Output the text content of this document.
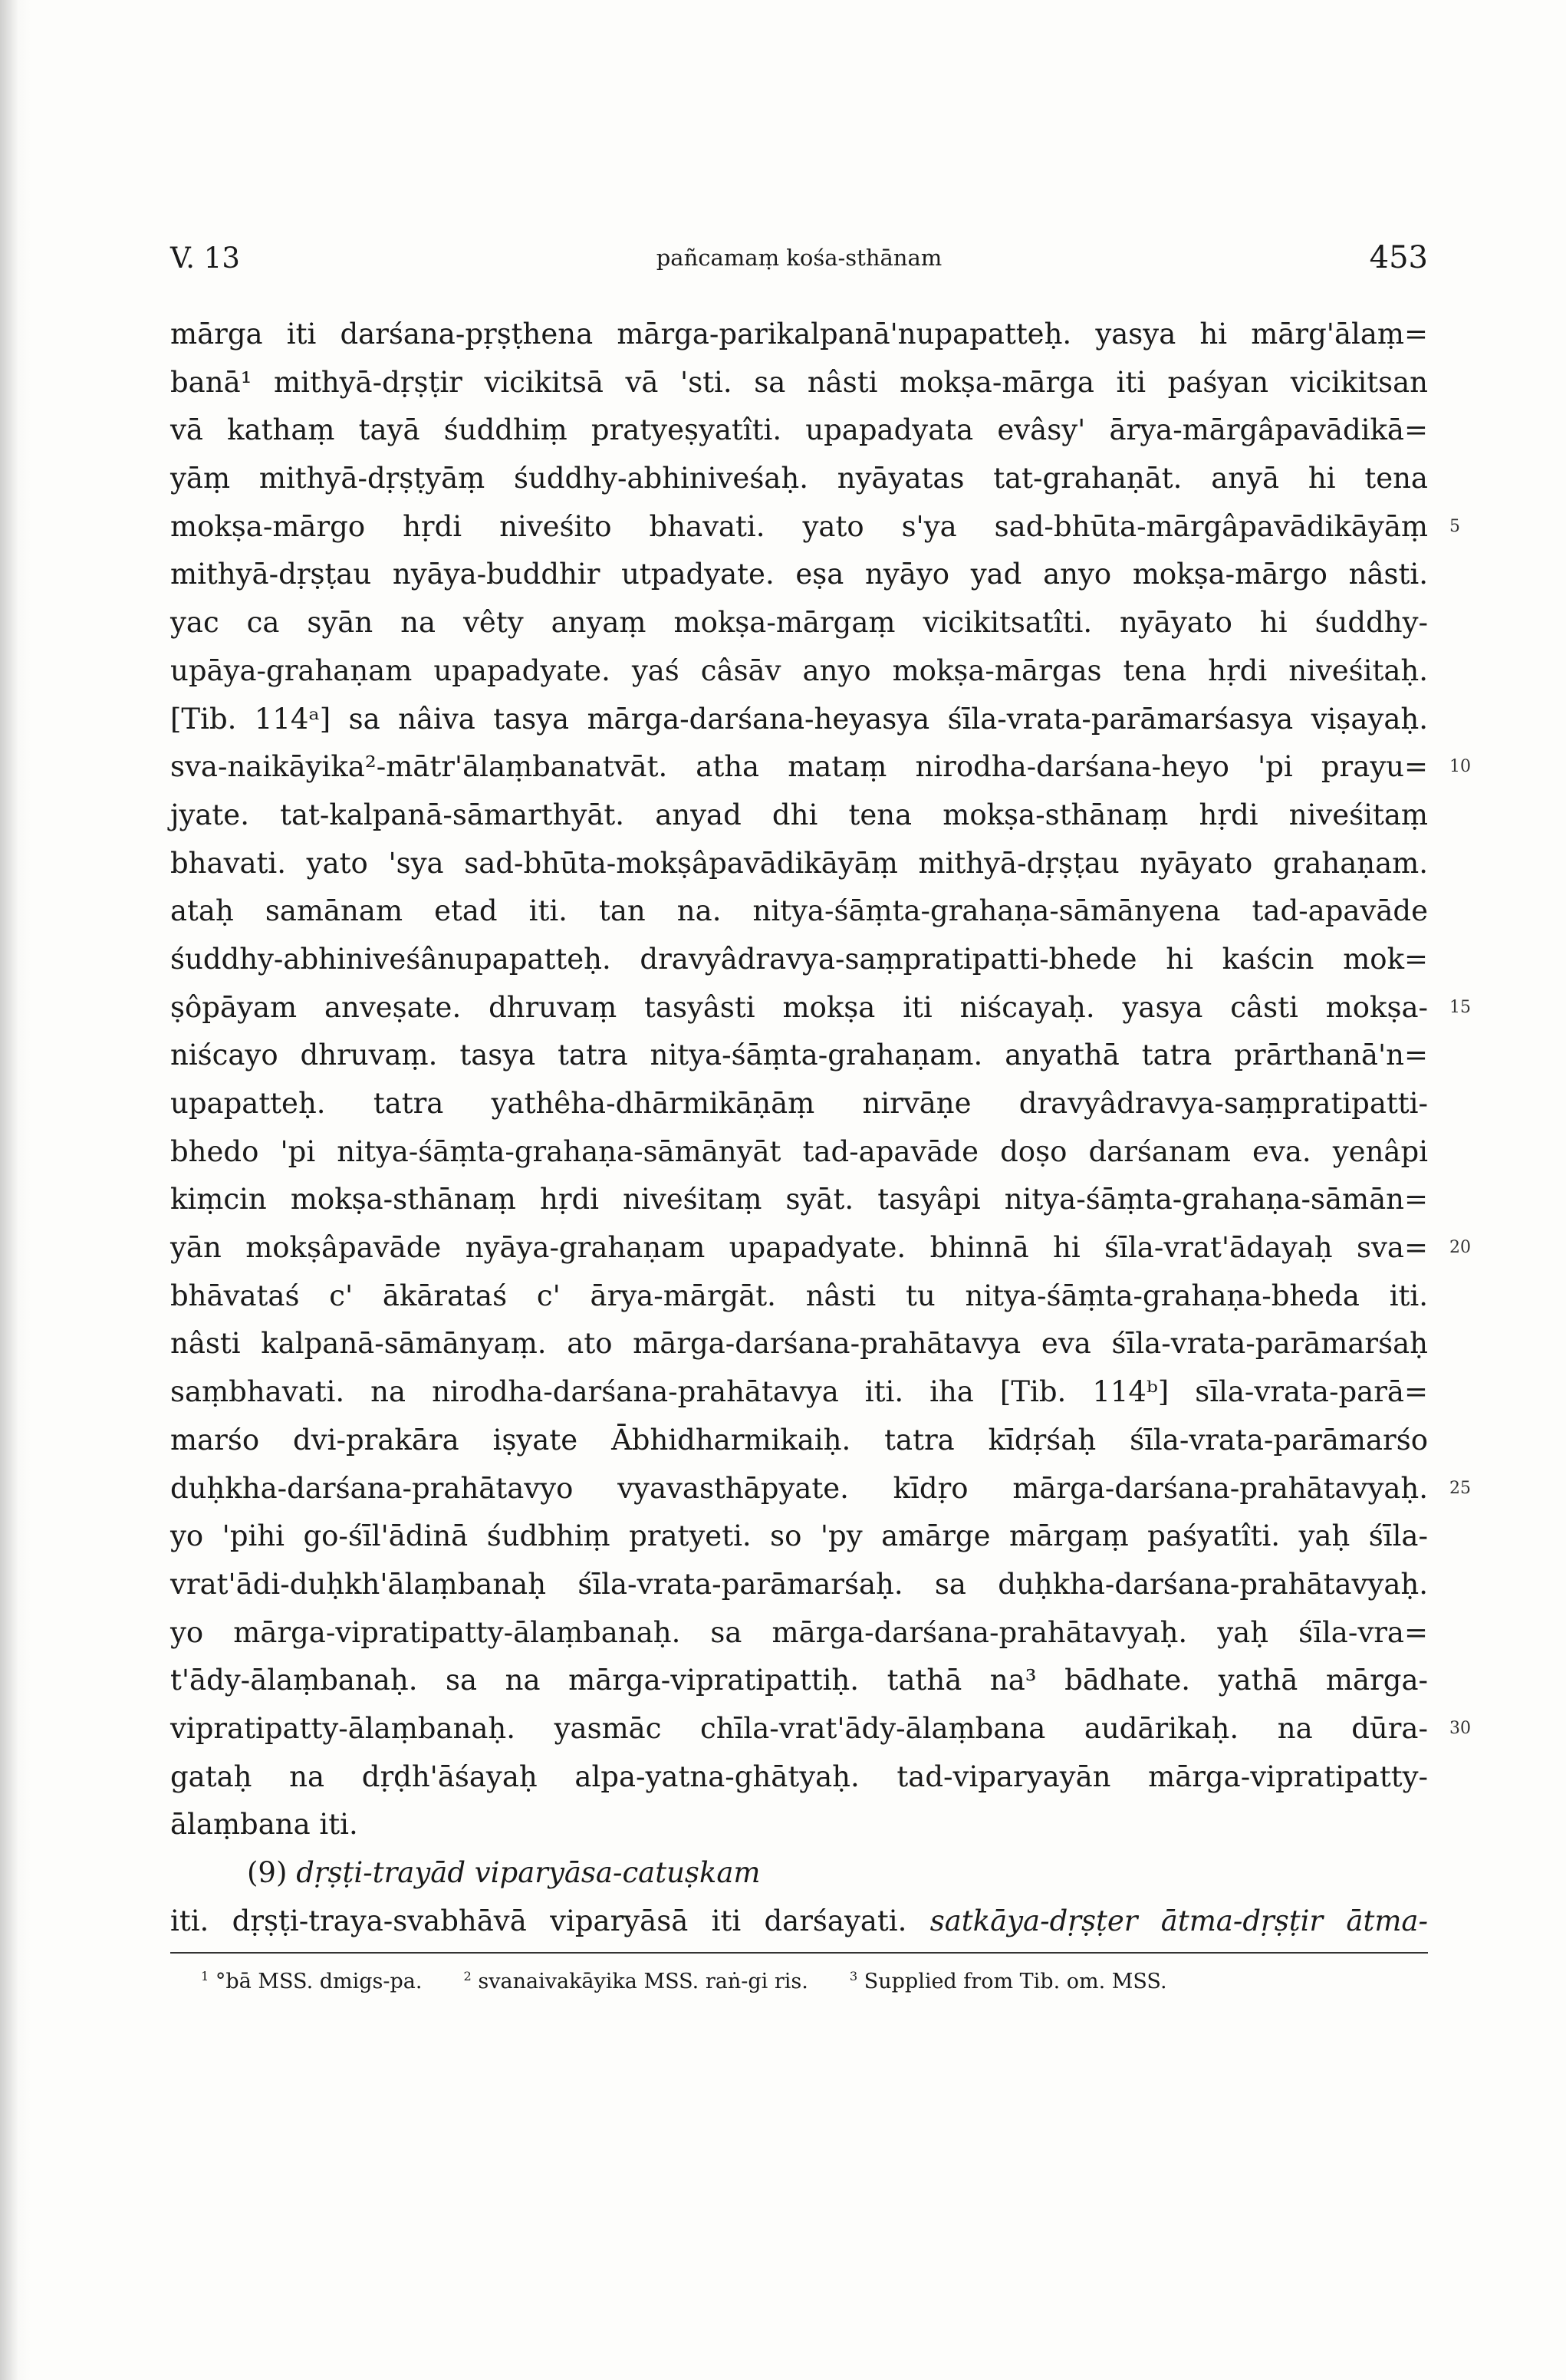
V. 13	pañcamaṃ kośa-sthānam	453
mārga iti darśana-pṛṣṭhena mārga-parikalpanā'nupapatteḥ. yasya hi mārg'ālaṃ=
banā¹ mithyā-dṛṣṭir vicikitsā vā 'sti. sa nâsti mokṣa-mārga iti paśyan vicikitsan
vā kathaṃ tayā śuddhiṃ pratyeṣyatîti. upapadyata evâsy' ārya-mārgâpavādikā=
yāṃ mithyā-dṛṣṭyāṃ śuddhy-abhiniveśaḥ. nyāyatas tat-grahaṇāt. anyā hi tena
mokṣa-mārgo hṛdi niveśito bhavati. yato s'ya sad-bhūta-mārgâpavādikāyāṃ 5
mithyā-dṛṣṭau nyāya-buddhir utpadyate. eṣa nyāyo yad anyo mokṣa-mārgo nâsti.
yac ca syān na vêty anyaṃ mokṣa-mārgaṃ vicikitsatîti. nyāyato hi śuddhy-
upāya-grahaṇam upapadyate. yaś câsāv anyo mokṣa-mārgas tena hṛdi niveśitaḥ.
[Tib. 114ᵃ] sa nâiva tasya mārga-darśana-heyasya śīla-vrata-parāmarśasya viṣayaḥ.
sva-naikāyika²-mātr'ālaṃbanatvāt. atha mataṃ nirodha-darśana-heyo 'pi prayu= 10
jyate. tat-kalpanā-sāmarthyāt. anyad dhi tena mokṣa-sthānaṃ hṛdi niveśitaṃ
bhavati. yato 'sya sad-bhūta-mokṣâpavādikāyāṃ mithyā-dṛṣṭau nyāyato grahaṇam.
ataḥ samānam etad iti. tan na. nitya-śāṃta-grahaṇa-sāmānyena tad-apavāde
śuddhy-abhiniveśânupapatteḥ. dravyâdravya-saṃpratipatti-bhede hi kaścin mok=
ṣôpāyam anveṣate. dhruvaṃ tasyâsti mokṣa iti niścayaḥ. yasya câsti mokṣa- 15
niścayo dhruvaṃ. tasya tatra nitya-śāṃta-grahaṇam. anyathā tatra prārthanā'n=
upapatteḥ. tatra yathêha-dhārmikāṇāṃ nirvāṇe dravyâdravya-saṃpratipatti-
bhedo 'pi nitya-śāṃta-grahaṇa-sāmānyāt tad-apavāde doṣo darśanam eva. yenâpi
kiṃcin mokṣa-sthānaṃ hṛdi niveśitaṃ syāt. tasyâpi nitya-śāṃta-grahaṇa-sāmān=
yān mokṣâpavāde nyāya-grahaṇam upapadyate. bhinnā hi śīla-vrat'ādayaḥ sva= 20
bhāvataś c' ākārataś c' ārya-mārgāt. nâsti tu nitya-śāṃta-grahaṇa-bheda iti.
nâsti kalpanā-sāmānyaṃ. ato mārga-darśana-prahātavya eva śīla-vrata-parāmarśaḥ
saṃbhavati. na nirodha-darśana-prahātavya iti. iha [Tib. 114ᵇ] sīla-vrata-parā=
marśo dvi-prakāra iṣyate Ābhidharmikaiḥ. tatra kīdṛśaḥ śīla-vrata-parāmarśo
duḥkha-darśana-prahātavyo vyavasthāpyate. kīdṛo mārga-darśana-prahātavyaḥ. 25
yo 'pihi go-śīl'ādinā śudbhiṃ pratyeti. so 'py amārge mārgaṃ paśyatîti. yaḥ śīla-
vrat'ādi-duḥkh'ālaṃbanaḥ śīla-vrata-parāmarśaḥ. sa duḥkha-darśana-prahātavyaḥ.
yo mārga-vipratipatty-ālaṃbanaḥ. sa mārga-darśana-prahātavyaḥ. yaḥ śīla-vra=
t'ādy-ālaṃbanaḥ. sa na mārga-vipratipattiḥ. tathā na³ bādhate. yathā mārga-
vipratipatty-ālaṃbanaḥ. yasmāc chīla-vrat'ādy-ālaṃbana audārikaḥ. na dūra- 30
gataḥ na dṛḍh'āśayaḥ alpa-yatna-ghātyaḥ. tad-viparyayān mārga-vipratipatty-
ālaṃbana iti.
(9) dṛṣṭi-trayād viparyāsa-catuṣkam
iti. dṛṣṭi-traya-svabhāvā viparyāsā iti darśayati. satkāya-dṛṣṭer ātma-dṛṣṭir ātma-
$^1$ °bā MSS. dmigs-pa.	$^2$ svanaivakāyika MSS. raṅ-gi ris.	$^3$ Supplied from Tib. om. MSS.
